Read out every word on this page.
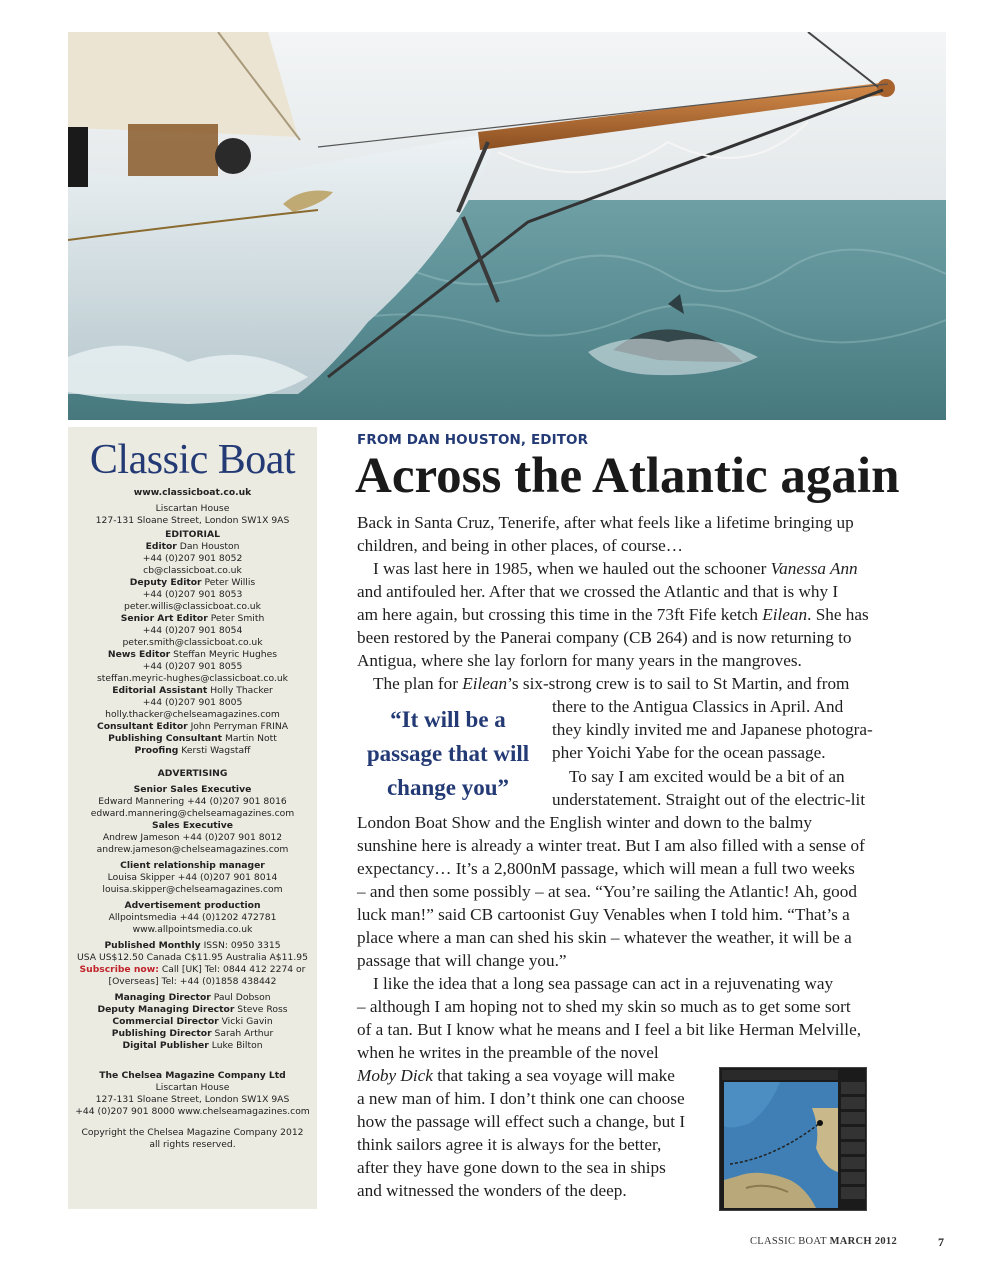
Classic Boat
www.classicboat.co.uk
Liscartan House
127-131 Sloane Street, London SW1X 9AS
EDITORIAL
Editor Dan Houston
+44 (0)207 901 8052
cb@classicboat.co.uk
Deputy Editor Peter Willis
+44 (0)207 901 8053
peter.willis@classicboat.co.uk
Senior Art Editor Peter Smith
+44 (0)207 901 8054
peter.smith@classicboat.co.uk
News Editor Steffan Meyric Hughes
+44 (0)207 901 8055
steffan.meyric-hughes@classicboat.co.uk
Editorial Assistant Holly Thacker
+44 (0)207 901 8005
holly.thacker@chelseamagazines.com
Consultant Editor John Perryman FRINA
Publishing Consultant Martin Nott
Proofing Kersti Wagstaff
ADVERTISING
Senior Sales Executive
Edward Mannering +44 (0)207 901 8016
edward.mannering@chelseamagazines.com
Sales Executive
Andrew Jameson +44 (0)207 901 8012
andrew.jameson@chelseamagazines.com
Client relationship manager
Louisa Skipper +44 (0)207 901 8014
louisa.skipper@chelseamagazines.com
Advertisement production
Allpointsmedia +44 (0)1202 472781
www.allpointsmedia.co.uk
Published Monthly ISSN: 0950 3315
USA US$12.50 Canada C$11.95 Australia A$11.95
Subscribe now: Call [UK] Tel: 0844 412 2274 or
[Overseas] Tel: +44 (0)1858 438442
Managing Director Paul Dobson
Deputy Managing Director Steve Ross
Commercial Director Vicki Gavin
Publishing Director Sarah Arthur
Digital Publisher Luke Bilton
The Chelsea Magazine Company Ltd
Liscartan House
127-131 Sloane Street, London SW1X 9AS
+44 (0)207 901 8000 www.chelseamagazines.com
Copyright the Chelsea Magazine Company 2012
all rights reserved.
FROM DAN HOUSTON, EDITOR
Across the Atlantic again
Back in Santa Cruz, Tenerife, after what feels like a lifetime bringing up
children, and being in other places, of course…
I was last here in 1985, when we hauled out the schooner Vanessa Ann
and antifouled her. After that we crossed the Atlantic and that is why I
am here again, but crossing this time in the 73ft Fife ketch Eilean. She has
been restored by the Panerai company (CB 264) and is now returning to
Antigua, where she lay forlorn for many years in the mangroves.
The plan for Eilean’s six-strong crew is to sail to St Martin, and from
there to the Antigua Classics in April. And
they kindly invited me and Japanese photogra-
pher Yoichi Yabe for the ocean passage.
To say I am excited would be a bit of an
understatement. Straight out of the electric-lit
London Boat Show and the English winter and down to the balmy
sunshine here is already a winter treat. But I am also filled with a sense of
expectancy… It’s a 2,800nM passage, which will mean a full two weeks
– and then some possibly – at sea. “You’re sailing the Atlantic! Ah, good
luck man!” said CB cartoonist Guy Venables when I told him. “That’s a
place where a man can shed his skin – whatever the weather, it will be a
passage that will change you.”
I like the idea that a long sea passage can act in a rejuvenating way
– although I am hoping not to shed my skin so much as to get some sort
of a tan. But I know what he means and I feel a bit like Herman Melville,
when he writes in the preamble of the novel
Moby Dick that taking a sea voyage will make
a new man of him. I don’t think one can choose
how the passage will effect such a change, but I
think sailors agree it is always for the better,
after they have gone down to the sea in ships
and witnessed the wonders of the deep.
“It will be a passage that will change you”
CLASSIC BOAT MARCH 2012	7
